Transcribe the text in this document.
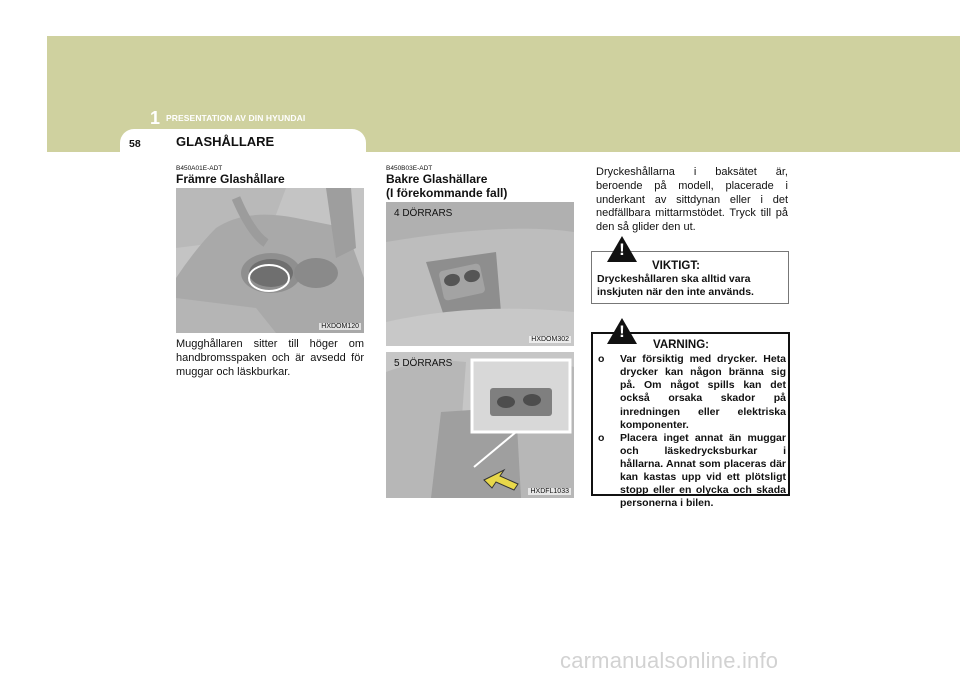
1 PRESENTATION AV DIN HYUNDAI
58	GLASHÅLLARE
B450A01E-ADT
Främre Glashållare
HXDOM120
Mugghållaren sitter till höger om handbromsspaken och är avsedd för muggar och läskburkar.
B450B03E-ADT
Bakre Glashällare
(I förekommande fall)
4 DÖRRARS
HXDOM302
5 DÖRRARS
HXDFL1033
Dryckeshållarna i baksätet är, beroende på modell, placerade i underkant av sittdynan eller i det nedfällbara mittarmstödet. Tryck till på den så glider den ut.
!
VIKTIGT:
Dryckeshållaren ska alltid vara inskjuten när den inte används.
!
VARNING:
o Var försiktig med drycker. Heta drycker kan någon bränna sig på. Om något spills kan det också orsaka skador på inredningen eller elektriska komponenter.
o Placera inget annat än muggar och läskedrycksburkar i hållarna. Annat som placeras där kan kastas upp vid ett plötsligt stopp eller en olycka och skada personerna i bilen.
carmanualsonline.info
